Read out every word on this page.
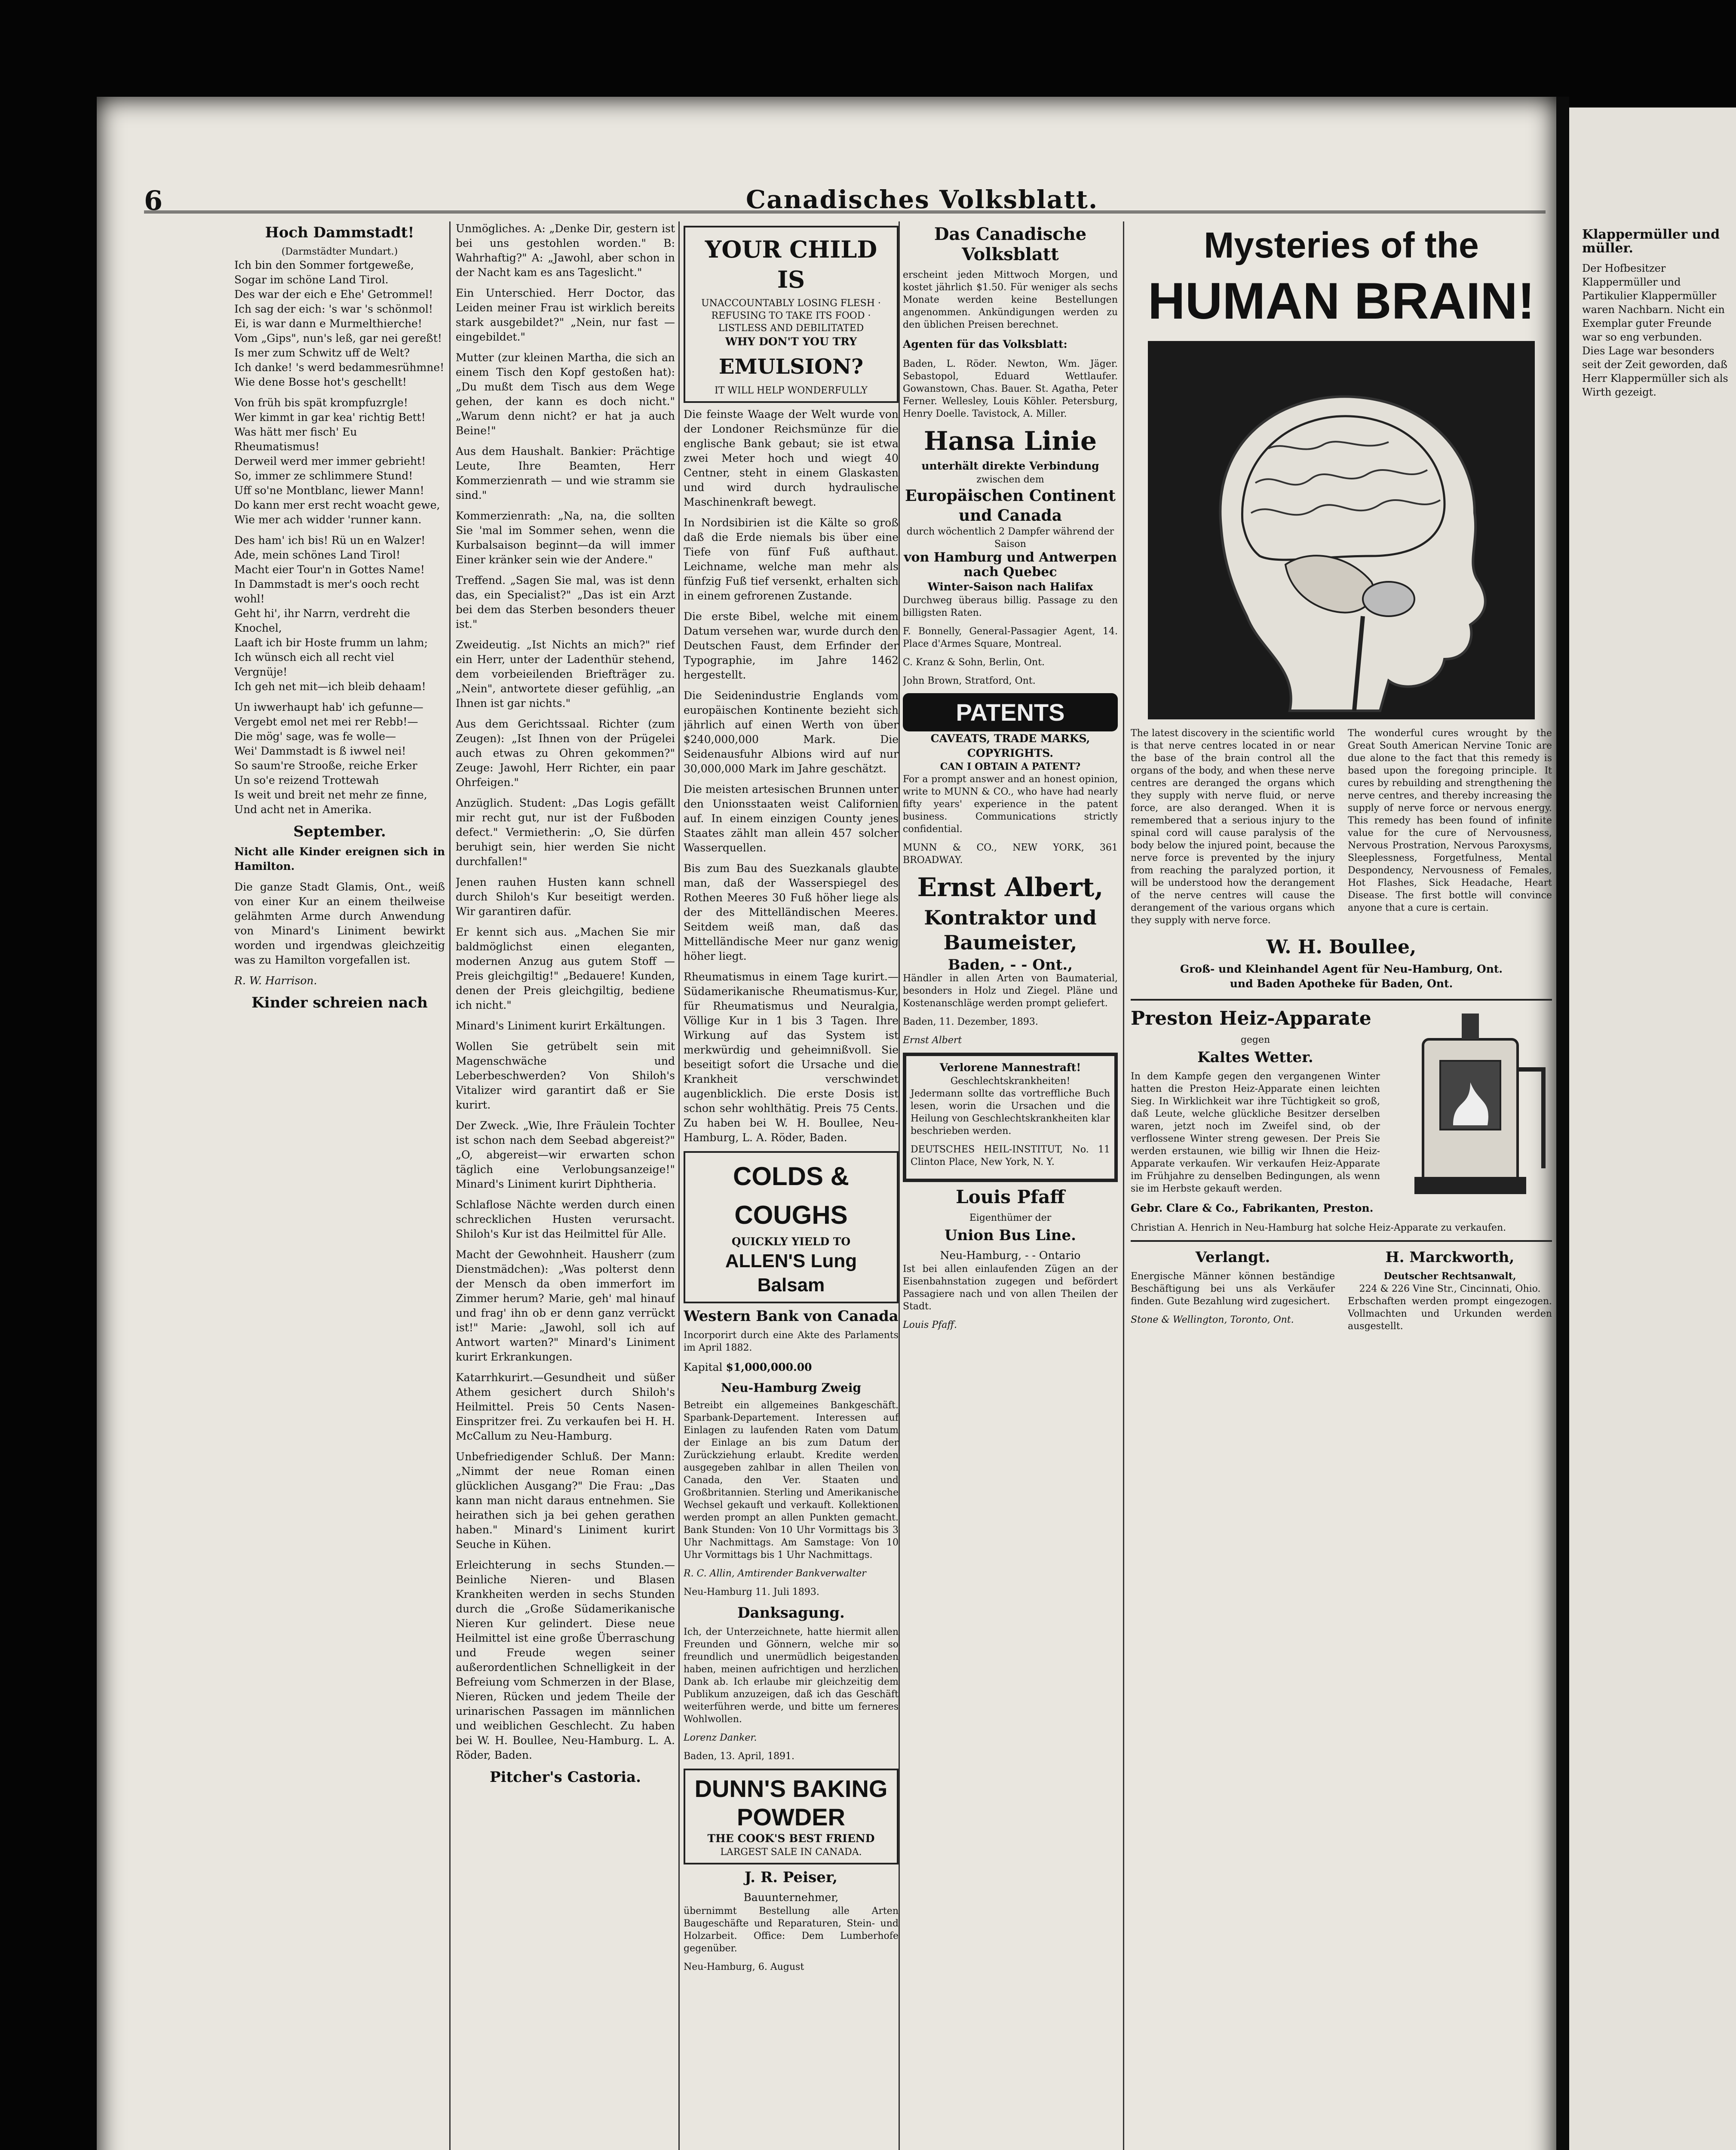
6	Canadisches Volksblatt.
Hoch Dammstadt!
(Darmstädter Mundart.)

Ich bin den Sommer fortgeweße,
Sogar im schöne Land Tirol.
Des war der eich e Ehe' Getrommel!
Ich sag der eich: 's war 's schönmol!
Ei, is war dann e Murmelthierche!
Vom „Gips", nun's leß, gar nei gereßt!
Is mer zum Schwitz uff de Welt?
Ich danke! 's werd bedammesrühmne!
Wie dene Bosse hot's geschellt!

Von früh bis spät krompfuzrgle!
Wer kimmt in gar kea' richtig Bett!
Was hätt mer fisch' Eu Rheumatismus!
Derweil werd mer immer gebrieht!
So, immer ze schlimmere Stund!
Uff so'ne Montblanc, liewer Mann!
Do kann mer erst recht woacht gewe,
Wie mer ach widder 'runner kann.

Des ham' ich bis! Rü un en Walzer!
Ade, mein schönes Land Tirol!
Macht eier Tour'n in Gottes Name!
In Dammstadt is mer's ooch recht wohl!
Geht hi', ihr Narrn, verdreht die Knochel,
Laaft ich bir Hoste frumm un lahm;
Ich wünsch eich all recht viel Vergnüje!
Ich geh net mit—ich bleib dehaam!

Un iwwerhaupt hab' ich gefunne—
Vergebt emol net mei rer Rebb!—
Die mög' sage, was fe wolle—
Wei' Dammstadt is ß iwwel nei!
So saum're Strooße, reiche Erker
Un so'e reizend Trottewah
Is weit und breit net mehr ze finne,
Und acht net in Amerika.

September.

Nicht alle Kinder ereignen sich in Hamilton.

Die ganze Stadt Glamis, Ont., weiß von einer Kur an einem theilweise gelähmten Arme durch Anwendung von Minard's Liniment bewirkt worden und irgendwas gleichzeitig was zu Hamilton vorgefallen ist.

R. W. Harrison.

Kinder schreien nach

Unmögliches. A: „Denke Dir, gestern ist bei uns gestohlen worden." B: Wahrhaftig?" A: „Jawohl, aber schon in der Nacht kam es ans Tageslicht."

Ein Unterschied. Herr Doctor, das Leiden meiner Frau ist wirklich bereits stark ausgebildet?" „Nein, nur fast — eingebildet."

Mutter (zur kleinen Martha, die sich an einem Tisch den Kopf gestoßen hat): „Du mußt dem Tisch aus dem Wege gehen, der kann es doch nicht." „Warum denn nicht? er hat ja auch Beine!"

Aus dem Haushalt. Bankier: Prächtige Leute, Ihre Beamten, Herr Kommerzienrath — und wie stramm sie sind."

Kommerzienrath: „Na, na, die sollten Sie 'mal im Sommer sehen, wenn die Kurbalsaison beginnt—da will immer Einer kränker sein wie der Andere."

Treffend. „Sagen Sie mal, was ist denn das, ein Specialist?" „Das ist ein Arzt bei dem das Sterben besonders theuer ist."

Zweideutig. „Ist Nichts an mich?" rief ein Herr, unter der Ladenthür stehend, dem vorbeieilenden Briefträger zu. „Nein", antwortete dieser gefühlig, „an Ihnen ist gar nichts."

Aus dem Gerichtssaal. Richter (zum Zeugen): „Ist Ihnen von der Prügelei auch etwas zu Ohren gekommen?" Zeuge: Jawohl, Herr Richter, ein paar Ohrfeigen."

Anzüglich. Student: „Das Logis gefällt mir recht gut, nur ist der Fußboden defect." Vermietherin: „O, Sie dürfen beruhigt sein, hier werden Sie nicht durchfallen!"

Jenen rauhen Husten kann schnell durch Shiloh's Kur beseitigt werden. Wir garantiren dafür.

Er kennt sich aus. „Machen Sie mir baldmöglichst einen eleganten, modernen Anzug aus gutem Stoff — Preis gleichgiltig!" „Bedauere! Kunden, denen der Preis gleichgiltig, bediene ich nicht."

Minard's Liniment kurirt Erkältungen.

Wollen Sie getrübelt sein mit Magenschwäche und Leberbeschwerden? Von Shiloh's Vitalizer wird garantirt daß er Sie kurirt.

Der Zweck. „Wie, Ihre Fräulein Tochter ist schon nach dem Seebad abgereist?" „O, abgereist—wir erwarten schon täglich eine Verlobungsanzeige!" Minard's Liniment kurirt Diphtheria.

Schlaflose Nächte werden durch einen schrecklichen Husten verursacht. Shiloh's Kur ist das Heilmittel für Alle.

Macht der Gewohnheit. Hausherr (zum Dienstmädchen): „Was polterst denn der Mensch da oben immerfort im Zimmer herum? Marie, geh' mal hinauf und frag' ihn ob er denn ganz verrückt ist!" Marie: „Jawohl, soll ich auf Antwort warten?" Minard's Liniment kurirt Erkrankungen.

Katarrhkurirt.—Gesundheit und süßer Athem gesichert durch Shiloh's Heilmittel. Preis 50 Cents Nasen-Einspritzer frei. Zu verkaufen bei H. H. McCallum zu Neu-Hamburg.

Unbefriedigender Schluß. Der Mann: „Nimmt der neue Roman einen glücklichen Ausgang?" Die Frau: „Das kann man nicht daraus entnehmen. Sie heirathen sich ja bei gehen gerathen haben." Minard's Liniment kurirt Seuche in Kühen.

Erleichterung in sechs Stunden.—Beinliche Nieren- und Blasen Krankheiten werden in sechs Stunden durch die „Große Südamerikanische Nieren Kur gelindert. Diese neue Heilmittel ist eine große Überraschung und Freude wegen seiner außerordentlichen Schnelligkeit in der Befreiung vom Schmerzen in der Blase, Nieren, Rücken und jedem Theile der urinarischen Passagen im männlichen und weiblichen Geschlecht. Zu haben bei W. H. Boullee, Neu-Hamburg. L. A. Röder, Baden.

Pitcher's Castoria.
YOUR CHILD IS
UNACCOUNTABLY LOSING FLESH · REFUSING TO TAKE ITS FOOD · LISTLESS AND DEBILITATED
WHY DON'T YOU TRY
EMULSION?
IT WILL HELP WONDERFULLY

Die feinste Waage der Welt wurde von der Londoner Reichsmünze für die englische Bank gebaut; sie ist etwa zwei Meter hoch und wiegt 40 Centner, steht in einem Glaskasten und wird durch hydraulische Maschinenkraft bewegt.

In Nordsibirien ist die Kälte so groß daß die Erde niemals bis über eine Tiefe von fünf Fuß aufthaut. Leichname, welche man mehr als fünfzig Fuß tief versenkt, erhalten sich in einem gefrorenen Zustande.

Die erste Bibel, welche mit einem Datum versehen war, wurde durch den Deutschen Faust, dem Erfinder der Typographie, im Jahre 1462 hergestellt.

Die Seidenindustrie Englands vom europäischen Kontinente bezieht sich jährlich auf einen Werth von über $240,000,000 Mark. Die Seidenausfuhr Albions wird auf nur 30,000,000 Mark im Jahre geschätzt.

Die meisten artesischen Brunnen unter den Unionsstaaten weist Californien auf. In einem einzigen County jenes Staates zählt man allein 457 solcher Wasserquellen.

Bis zum Bau des Suezkanals glaubte man, daß der Wasserspiegel des Rothen Meeres 30 Fuß höher liege als der des Mittelländischen Meeres. Seitdem weiß man, daß das Mittelländische Meer nur ganz wenig höher liegt.

Rheumatismus in einem Tage kurirt.—Südamerikanische Rheumatismus-Kur, für Rheumatismus und Neuralgia, Völlige Kur in 1 bis 3 Tagen. Ihre Wirkung auf das System ist merkwürdig und geheimnißvoll. Sie beseitigt sofort die Ursache und die Krankheit verschwindet augenblicklich. Die erste Dosis ist schon sehr wohlthätig. Preis 75 Cents. Zu haben bei W. H. Boullee, Neu-Hamburg, L. A. Röder, Baden.

COLDS & COUGHS
QUICKLY YIELD TO
ALLEN'S Lung Balsam
Western Bank von Canada

Incorporirt durch eine Akte des Parlaments im April 1882.

Kapital $1,000,000.00

Neu-Hamburg Zweig

Betreibt ein allgemeines Bankgeschäft. Sparbank-Departement. Interessen auf Einlagen zu laufenden Raten vom Datum der Einlage an bis zum Datum der Zurückziehung erlaubt. Kredite werden ausgegeben zahlbar in allen Theilen von Canada, den Ver. Staaten und Großbritannien. Sterling und Amerikanische Wechsel gekauft und verkauft. Kollektionen werden prompt an allen Punkten gemacht. Bank Stunden: Von 10 Uhr Vormittags bis 3 Uhr Nachmittags. Am Samstage: Von 10 Uhr Vormittags bis 1 Uhr Nachmittags.

R. C. Allin, Amtirender Bankverwalter

Neu-Hamburg 11. Juli 1893.

Danksagung.

Ich, der Unterzeichnete, hatte hiermit allen Freunden und Gönnern, welche mir so freundlich und unermüdlich beigestanden haben, meinen aufrichtigen und herzlichen Dank ab. Ich erlaube mir gleichzeitig dem Publikum anzuzeigen, daß ich das Geschäft weiterführen werde, und bitte um ferneres Wohlwollen.

Lorenz Danker.

Baden, 13. April, 1891.

DUNN'S BAKING POWDER
THE COOK'S BEST FRIEND
LARGEST SALE IN CANADA.
J. R. Peiser,
Bauunternehmer,

übernimmt Bestellung alle Arten Baugeschäfte und Reparaturen, Stein- und Holzarbeit. Office: Dem Lumberhofe gegenüber.

Neu-Hamburg, 6. August

Das Canadische Volksblatt

erscheint jeden Mittwoch Morgen, und kostet jährlich $1.50. Für weniger als sechs Monate werden keine Bestellungen angenommen. Ankündigungen werden zu den üblichen Preisen berechnet.

Agenten für das Volksblatt:

Baden, L. Röder. Newton, Wm. Jäger. Sebastopol, Eduard Wettlaufer. Gowanstown, Chas. Bauer. St. Agatha, Peter Ferner. Wellesley, Louis Köhler. Petersburg, Henry Doelle. Tavistock, A. Miller.

Hansa Linie
unterhält direkte Verbindung
zwischen dem
Europäischen Continent und Canada
durch wöchentlich 2 Dampfer während der Saison
von Hamburg und Antwerpen nach Quebec
Winter-Saison nach Halifax

Durchweg überaus billig. Passage zu den billigsten Raten.

F. Bonnelly, General-Passagier Agent, 14. Place d'Armes Square, Montreal.

C. Kranz & Sohn, Berlin, Ont.

John Brown, Stratford, Ont.

PATENTS
CAVEATS, TRADE MARKS, COPYRIGHTS.
CAN I OBTAIN A PATENT?

For a prompt answer and an honest opinion, write to MUNN & CO., who have had nearly fifty years' experience in the patent business. Communications strictly confidential.

MUNN & CO., NEW YORK, 361 BROADWAY.

Ernst Albert,
Kontraktor und Baumeister,
Baden, - - Ont.,

Händler in allen Arten von Baumaterial, besonders in Holz und Ziegel. Pläne und Kostenanschläge werden prompt geliefert.

Baden, 11. Dezember, 1893.

Ernst Albert

Verlorene Mannestraft!
Geschlechtskrankheiten!

Jedermann sollte das vortreffliche Buch lesen, worin die Ursachen und die Heilung von Geschlechtskrankheiten klar beschrieben werden.

DEUTSCHES HEIL-INSTITUT, No. 11 Clinton Place, New York, N. Y.

Louis Pfaff
Eigenthümer der
Union Bus Line.
Neu-Hamburg, - - Ontario

Ist bei allen einlaufenden Zügen an der Eisenbahnstation zugegen und befördert Passagiere nach und von allen Theilen der Stadt.

Louis Pfaff.

Mysteries of the
HUMAN BRAIN!

The latest discovery in the scientific world is that nerve centres located in or near the base of the brain control all the organs of the body, and when these nerve centres are deranged the organs which they supply with nerve fluid, or nerve force, are also deranged. When it is remembered that a serious injury to the spinal cord will cause paralysis of the body below the injured point, because the nerve force is prevented by the injury from reaching the paralyzed portion, it will be understood how the derangement of the nerve centres will cause the derangement of the various organs which they supply with nerve force.

The wonderful cures wrought by the Great South American Nervine Tonic are due alone to the fact that this remedy is based upon the foregoing principle. It cures by rebuilding and strengthening the nerve centres, and thereby increasing the supply of nerve force or nervous energy. This remedy has been found of infinite value for the cure of Nervousness, Nervous Prostration, Nervous Paroxysms, Sleeplessness, Forgetfulness, Mental Despondency, Nervousness of Females, Hot Flashes, Sick Headache, Heart Disease. The first bottle will convince anyone that a cure is certain.

W. H. Boullee,
Groß- und Kleinhandel Agent für Neu-Hamburg, Ont.
und Baden Apotheke für Baden, Ont.
Preston Heiz-Apparate
gegen
Kaltes Wetter.

In dem Kampfe gegen den vergangenen Winter hatten die Preston Heiz-Apparate einen leichten Sieg. In Wirklichkeit war ihre Tüchtigkeit so groß, daß Leute, welche glückliche Besitzer derselben waren, jetzt noch im Zweifel sind, ob der verflossene Winter streng gewesen. Der Preis Sie werden erstaunen, wie billig wir Ihnen die Heiz-Apparate verkaufen. Wir verkaufen Heiz-Apparate im Frühjahre zu denselben Bedingungen, als wenn sie im Herbste gekauft werden.

Gebr. Clare & Co., Fabrikanten, Preston.

Christian A. Henrich in Neu-Hamburg hat solche Heiz-Apparate zu verkaufen.

Verlangt.

Energische Männer können beständige Beschäftigung bei uns als Verkäufer finden. Gute Bezahlung wird zugesichert.

Stone & Wellington, Toronto, Ont.

H. Marckworth,
Deutscher Rechtsanwalt,
224 & 226 Vine Str., Cincinnati, Ohio.

Erbschaften werden prompt eingezogen. Vollmachten und Urkunden werden ausgestellt.

Klappermüller und müller.
Der Hofbesitzer Klappermüller und Partikulier Klappermüller waren Nachbarn. Nicht ein Exemplar guter Freunde war so eng verbunden. Dies Lage war besonders seit der Zeit geworden, daß Herr Klappermüller sich als Wirth gezeigt.
